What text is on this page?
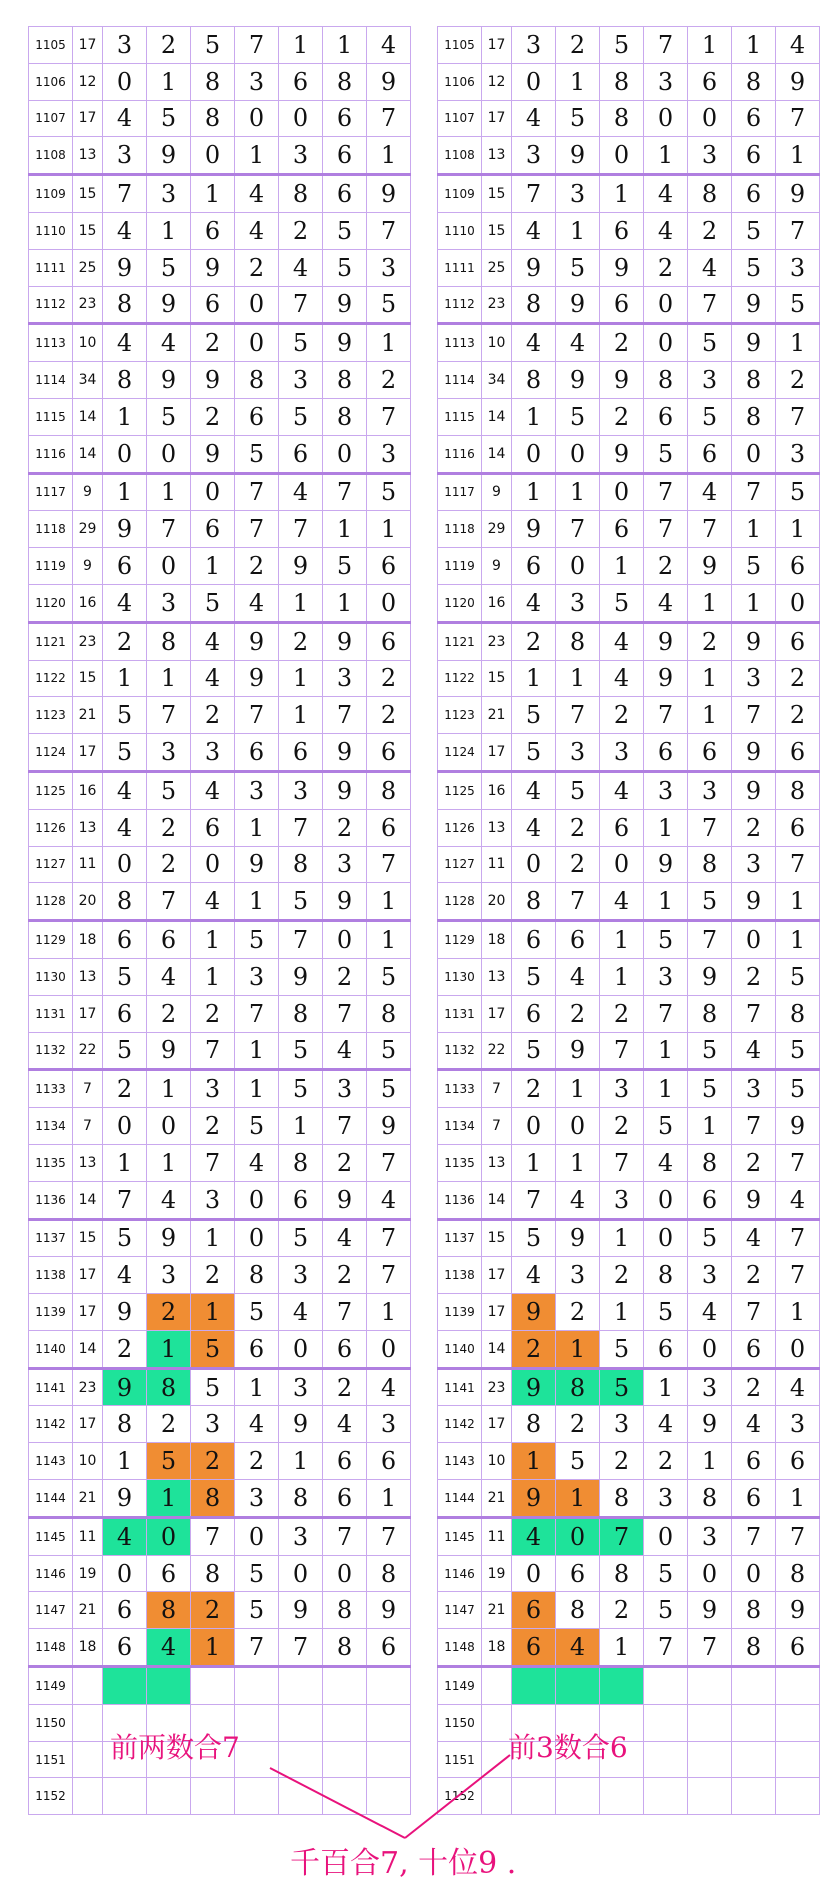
1105	17	3	2	5	7	1	1	4
1106	12	0	1	8	3	6	8	9
1107	17	4	5	8	0	0	6	7
1108	13	3	9	0	1	3	6	1
1109	15	7	3	1	4	8	6	9
1110	15	4	1	6	4	2	5	7
1111	25	9	5	9	2	4	5	3
1112	23	8	9	6	0	7	9	5
1113	10	4	4	2	0	5	9	1
1114	34	8	9	9	8	3	8	2
1115	14	1	5	2	6	5	8	7
1116	14	0	0	9	5	6	0	3
1117	9	1	1	0	7	4	7	5
1118	29	9	7	6	7	7	1	1
1119	9	6	0	1	2	9	5	6
1120	16	4	3	5	4	1	1	0
1121	23	2	8	4	9	2	9	6
1122	15	1	1	4	9	1	3	2
1123	21	5	7	2	7	1	7	2
1124	17	5	3	3	6	6	9	6
1125	16	4	5	4	3	3	9	8
1126	13	4	2	6	1	7	2	6
1127	11	0	2	0	9	8	3	7
1128	20	8	7	4	1	5	9	1
1129	18	6	6	1	5	7	0	1
1130	13	5	4	1	3	9	2	5
1131	17	6	2	2	7	8	7	8
1132	22	5	9	7	1	5	4	5
1133	7	2	1	3	1	5	3	5
1134	7	0	0	2	5	1	7	9
1135	13	1	1	7	4	8	2	7
1136	14	7	4	3	0	6	9	4
1137	15	5	9	1	0	5	4	7
1138	17	4	3	2	8	3	2	7
1139	17	9	2	1	5	4	7	1
1140	14	2	1	5	6	0	6	0
1141	23	9	8	5	1	3	2	4
1142	17	8	2	3	4	9	4	3
1143	10	1	5	2	2	1	6	6
1144	21	9	1	8	3	8	6	1
1145	11	4	0	7	0	3	7	7
1146	19	0	6	8	5	0	0	8
1147	21	6	8	2	5	9	8	9
1148	18	6	4	1	7	7	8	6
1149								
1150								
1151								
1152								
1105	17	3	2	5	7	1	1	4
1106	12	0	1	8	3	6	8	9
1107	17	4	5	8	0	0	6	7
1108	13	3	9	0	1	3	6	1
1109	15	7	3	1	4	8	6	9
1110	15	4	1	6	4	2	5	7
1111	25	9	5	9	2	4	5	3
1112	23	8	9	6	0	7	9	5
1113	10	4	4	2	0	5	9	1
1114	34	8	9	9	8	3	8	2
1115	14	1	5	2	6	5	8	7
1116	14	0	0	9	5	6	0	3
1117	9	1	1	0	7	4	7	5
1118	29	9	7	6	7	7	1	1
1119	9	6	0	1	2	9	5	6
1120	16	4	3	5	4	1	1	0
1121	23	2	8	4	9	2	9	6
1122	15	1	1	4	9	1	3	2
1123	21	5	7	2	7	1	7	2
1124	17	5	3	3	6	6	9	6
1125	16	4	5	4	3	3	9	8
1126	13	4	2	6	1	7	2	6
1127	11	0	2	0	9	8	3	7
1128	20	8	7	4	1	5	9	1
1129	18	6	6	1	5	7	0	1
1130	13	5	4	1	3	9	2	5
1131	17	6	2	2	7	8	7	8
1132	22	5	9	7	1	5	4	5
1133	7	2	1	3	1	5	3	5
1134	7	0	0	2	5	1	7	9
1135	13	1	1	7	4	8	2	7
1136	14	7	4	3	0	6	9	4
1137	15	5	9	1	0	5	4	7
1138	17	4	3	2	8	3	2	7
1139	17	9	2	1	5	4	7	1
1140	14	2	1	5	6	0	6	0
1141	23	9	8	5	1	3	2	4
1142	17	8	2	3	4	9	4	3
1143	10	1	5	2	2	1	6	6
1144	21	9	1	8	3	8	6	1
1145	11	4	0	7	0	3	7	7
1146	19	0	6	8	5	0	0	8
1147	21	6	8	2	5	9	8	9
1148	18	6	4	1	7	7	8	6
1149								
1150								
1151								
1152								

前两数合7	前3数合6

千百合7, 十位9 .
